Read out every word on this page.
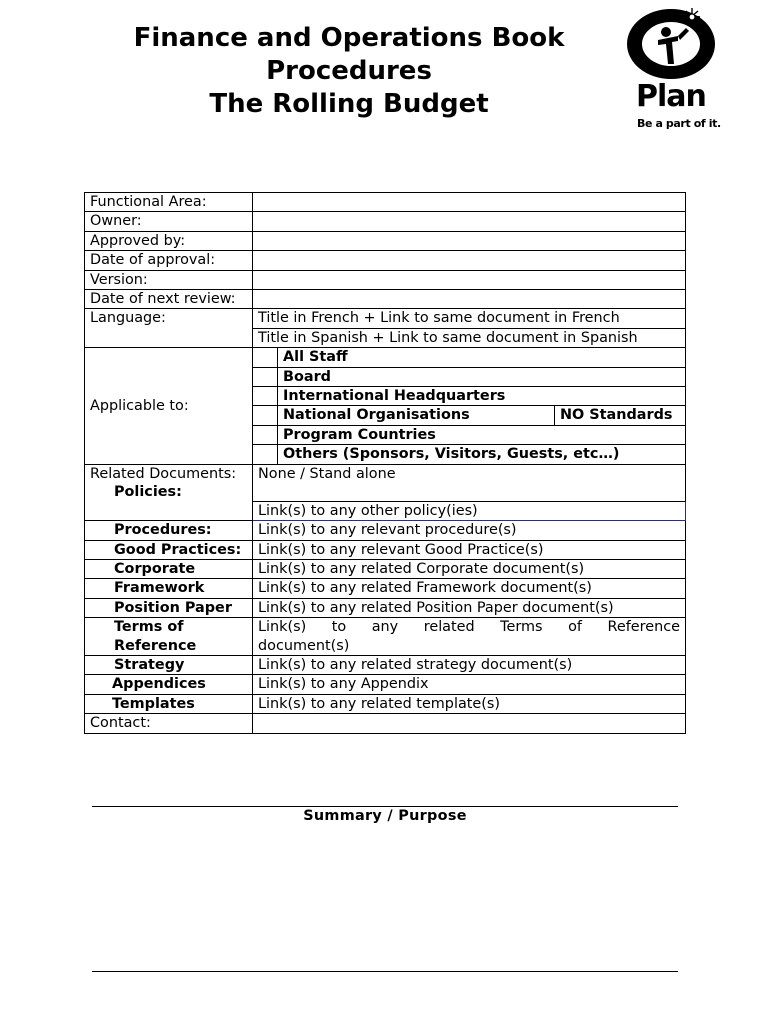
Finance and Operations Book
Procedures
The Rolling Budget	Plan
Be a part of it.
Functional Area:			
Owner:			
Approved by:			
Date of approval:			
Version:			
Date of next review:			
Language:	Title in French + Link to same document in French		
	Title in Spanish + Link to same document in Spanish		
Applicable to:		All Staff	
		Board	
		International Headquarters	
		National Organisations	NO Standards
		Program Countries	
		Others (Sponsors, Visitors, Guests, etc…)	

Related Documents:
Policies:	None / Stand alone		
	Link(s) to any other policy(ies)		
Procedures:	Link(s) to any relevant procedure(s)		
Good Practices:	Link(s) to any relevant Good Practice(s)		
Corporate	Link(s) to any related Corporate document(s)		
Framework	Link(s) to any related Framework document(s)		
Position Paper	Link(s) to any related Position Paper document(s)		
Terms of Reference	Link(s) to any related Terms of Reference
document(s)		

Strategy	Link(s) to any related strategy document(s)		
Appendices	Link(s) to any Appendix		
Templates	Link(s) to any related template(s)		
Contact:			
Summary / Purpose
